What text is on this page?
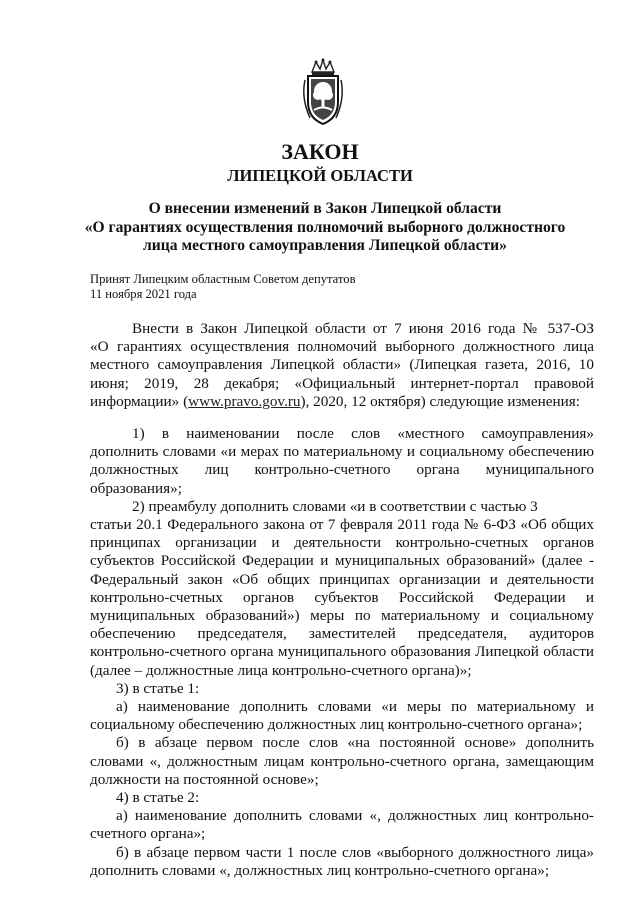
ЗАКОН
ЛИПЕЦКОЙ ОБЛАСТИ
О внесении изменений в Закон Липецкой области
«О гарантиях осуществления полномочий выборного должностного
лица местного самоуправления Липецкой области»
Принят Липецким областным Советом депутатов
11 ноября 2021 года
Внести в Закон Липецкой области от 7 июня 2016 года № 537-ОЗ
«О гарантиях осуществления полномочий выборного должностного лица
местного самоуправления Липецкой области» (Липецкая газета, 2016, 10
июня; 2019, 28 декабря; «Официальный интернет-портал правовой
информации» (www.pravo.gov.ru), 2020, 12 октября) следующие изменения:
1) в наименовании после слов «местного самоуправления»
дополнить словами «и мерах по материальному и социальному обеспечению
должностных лиц контрольно-счетного органа муниципального
образования»;
2) преамбулу дополнить словами «и в соответствии с частью 3
статьи 20.1 Федерального закона от 7 февраля 2011 года № 6-ФЗ «Об общих
принципах организации и деятельности контрольно-счетных органов
субъектов Российской Федерации и муниципальных образований» (далее -
Федеральный закон «Об общих принципах организации и деятельности
контрольно-счетных органов субъектов Российской Федерации и
муниципальных образований») меры по материальному и социальному
обеспечению председателя, заместителей председателя, аудиторов
контрольно-счетного органа муниципального образования Липецкой области
(далее – должностные лица контрольно-счетного органа)»;
3) в статье 1:
а) наименование дополнить словами «и меры по материальному и
социальному обеспечению должностных лиц контрольно-счетного органа»;
б) в абзаце первом после слов «на постоянной основе» дополнить
словами «, должностным лицам контрольно-счетного органа, замещающим
должности на постоянной основе»;
4) в статье 2:
а) наименование дополнить словами «, должностных лиц контрольно-
счетного органа»;
б) в абзаце первом части 1 после слов «выборного должностного лица»
дополнить словами «, должностных лиц контрольно-счетного органа»;
